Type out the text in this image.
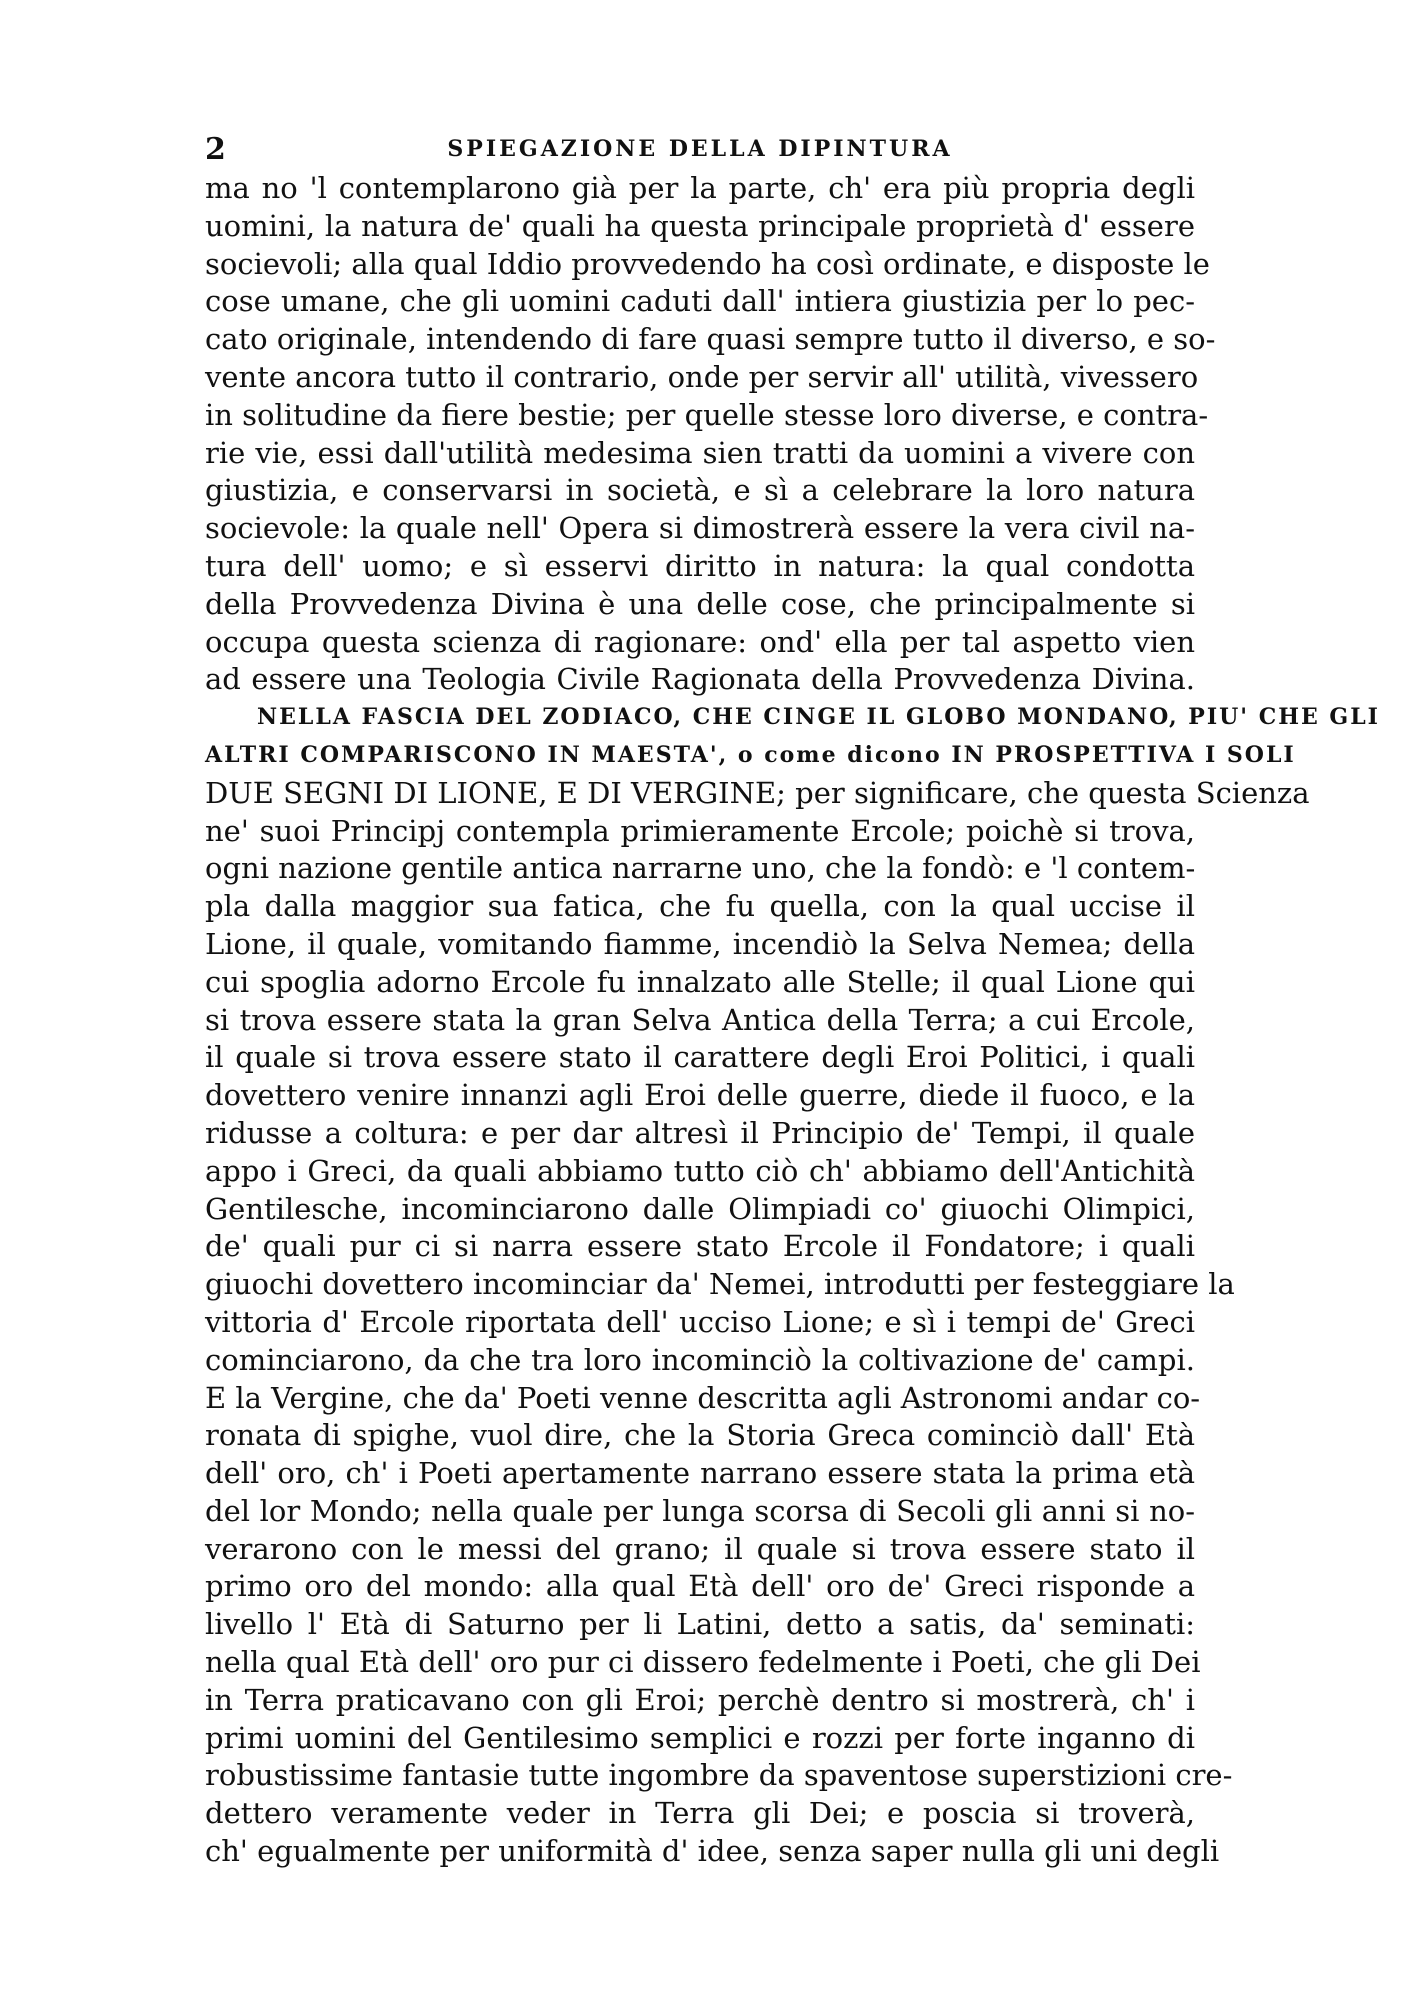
2	SPIEGAZIONE DELLA DIPINTURA
ma no 'l contemplarono già per la parte, ch' era più propria degli
uomini, la natura de' quali ha questa principale proprietà d' essere
socievoli; alla qual Iddio provvedendo ha così ordinate, e disposte le
cose umane, che gli uomini caduti dall' intiera giustizia per lo pec-
cato originale, intendendo di fare quasi sempre tutto il diverso, e so-
vente ancora tutto il contrario, onde per servir all' utilità, vivessero
in solitudine da fiere bestie; per quelle stesse loro diverse, e contra-
rie vie, essi dall'utilità medesima sien tratti da uomini a vivere con
giustizia, e conservarsi in società, e sì a celebrare la loro natura
socievole: la quale nell' Opera si dimostrerà essere la vera civil na-
tura dell' uomo; e sì esservi diritto in natura: la qual condotta
della Provvedenza Divina è una delle cose, che principalmente si
occupa questa scienza di ragionare: ond' ella per tal aspetto vien
ad essere una Teologia Civile Ragionata della Provvedenza Divina.
NELLA FASCIA DEL ZODIACO, CHE CINGE IL GLOBO MONDANO, PIU' CHE GLI
ALTRI COMPARISCONO IN MAESTA', o come dicono IN PROSPETTIVA I SOLI
DUE SEGNI DI LIONE, E DI VERGINE; per significare, che questa Scienza
ne' suoi Principj contempla primieramente Ercole; poichè si trova,
ogni nazione gentile antica narrarne uno, che la fondò: e 'l contem-
pla dalla maggior sua fatica, che fu quella, con la qual uccise il
Lione, il quale, vomitando fiamme, incendiò la Selva Nemea; della
cui spoglia adorno Ercole fu innalzato alle Stelle; il qual Lione qui
si trova essere stata la gran Selva Antica della Terra; a cui Ercole,
il quale si trova essere stato il carattere degli Eroi Politici, i quali
dovettero venire innanzi agli Eroi delle guerre, diede il fuoco, e la
ridusse a coltura: e per dar altresì il Principio de' Tempi, il quale
appo i Greci, da quali abbiamo tutto ciò ch' abbiamo dell'Antichità
Gentilesche, incominciarono dalle Olimpiadi co' giuochi Olimpici,
de' quali pur ci si narra essere stato Ercole il Fondatore; i quali
giuochi dovettero incominciar da' Nemei, introdutti per festeggiare la
vittoria d' Ercole riportata dell' ucciso Lione; e sì i tempi de' Greci
cominciarono, da che tra loro incominciò la coltivazione de' campi.
E la Vergine, che da' Poeti venne descritta agli Astronomi andar co-
ronata di spighe, vuol dire, che la Storia Greca cominciò dall' Età
dell' oro, ch' i Poeti apertamente narrano essere stata la prima età
del lor Mondo; nella quale per lunga scorsa di Secoli gli anni si no-
verarono con le messi del grano; il quale si trova essere stato il
primo oro del mondo: alla qual Età dell' oro de' Greci risponde a
livello l' Età di Saturno per li Latini, detto a satis, da' seminati:
nella qual Età dell' oro pur ci dissero fedelmente i Poeti, che gli Dei
in Terra praticavano con gli Eroi; perchè dentro si mostrerà, ch' i
primi uomini del Gentilesimo semplici e rozzi per forte inganno di
robustissime fantasie tutte ingombre da spaventose superstizioni cre-
dettero veramente veder in Terra gli Dei; e poscia si troverà,
ch' egualmente per uniformità d' idee, senza saper nulla gli uni degli
